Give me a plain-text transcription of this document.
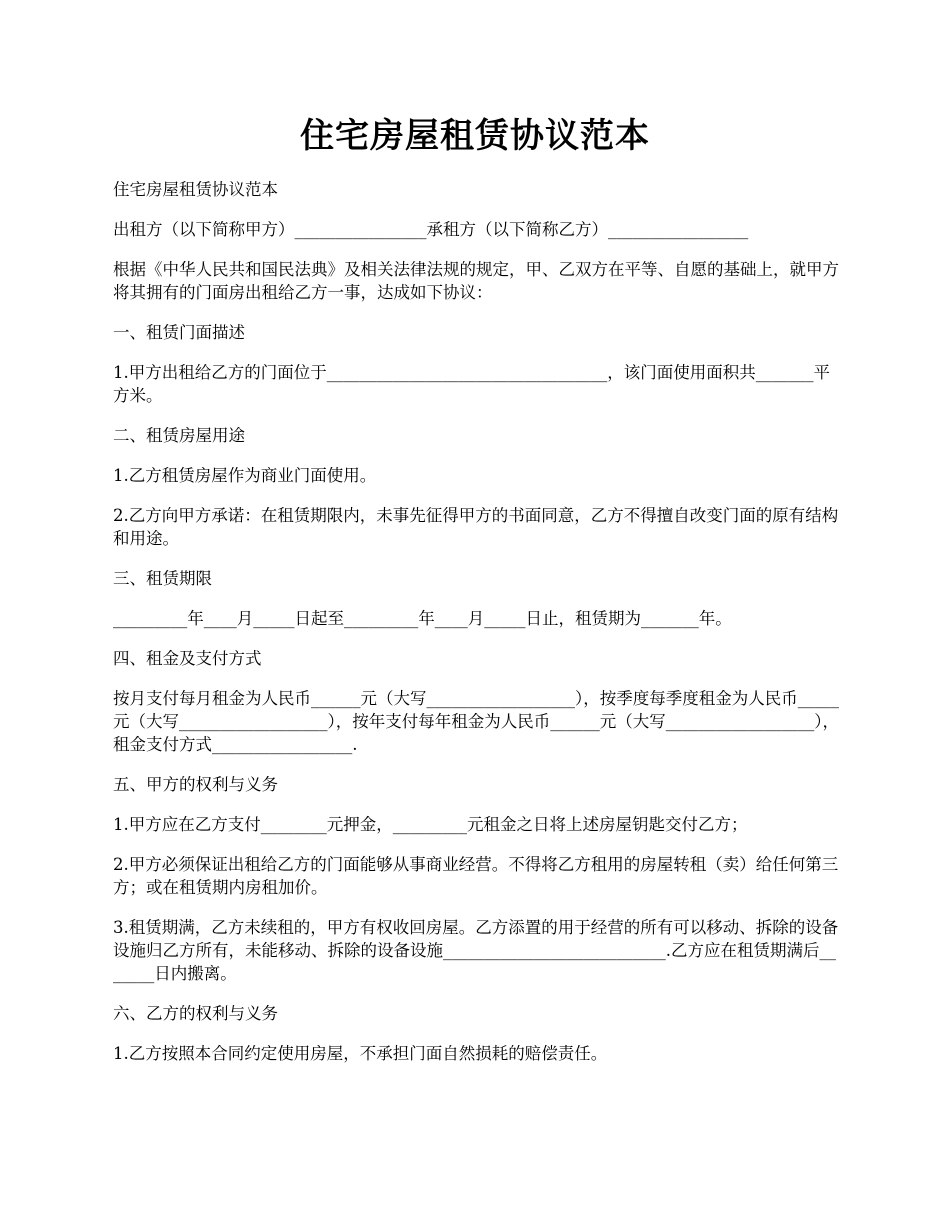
住宅房屋租赁协议范本

住宅房屋租赁协议范本

出租方（以下简称甲方）________________承租方（以下简称乙方）_________________

根据《中华人民共和国民法典》及相关法律法规的规定，甲、乙双方在平等、自愿的基础上，就甲方将其拥有的门面房出租给乙方一事，达成如下协议：

一、租赁门面描述

1.甲方出租给乙方的门面位于__________________________________，该门面使用面积共_______平方米。

二、租赁房屋用途

1.乙方租赁房屋作为商业门面使用。

2.乙方向甲方承诺：在租赁期限内，未事先征得甲方的书面同意，乙方不得擅自改变门面的原有结构和用途。

三、租赁期限

_________年____月_____日起至_________年____月_____日止，租赁期为_______年。

四、租金及支付方式

按月支付每月租金为人民币______元（大写__________________），按季度每季度租金为人民币_____元（大写__________________），按年支付每年租金为人民币______元（大写__________________），租金支付方式_________________.

五、甲方的权利与义务

1.甲方应在乙方支付________元押金，_________元租金之日将上述房屋钥匙交付乙方；

2.甲方必须保证出租给乙方的门面能够从事商业经营。不得将乙方租用的房屋转租（卖）给任何第三方；或在租赁期内房租加价。

3.租赁期满，乙方未续租的，甲方有权收回房屋。乙方添置的用于经营的所有可以移动、拆除的设备设施归乙方所有，未能移动、拆除的设备设施___________________________.乙方应在租赁期满后_______日内搬离。

六、乙方的权利与义务

1.乙方按照本合同约定使用房屋，不承担门面自然损耗的赔偿责任。
